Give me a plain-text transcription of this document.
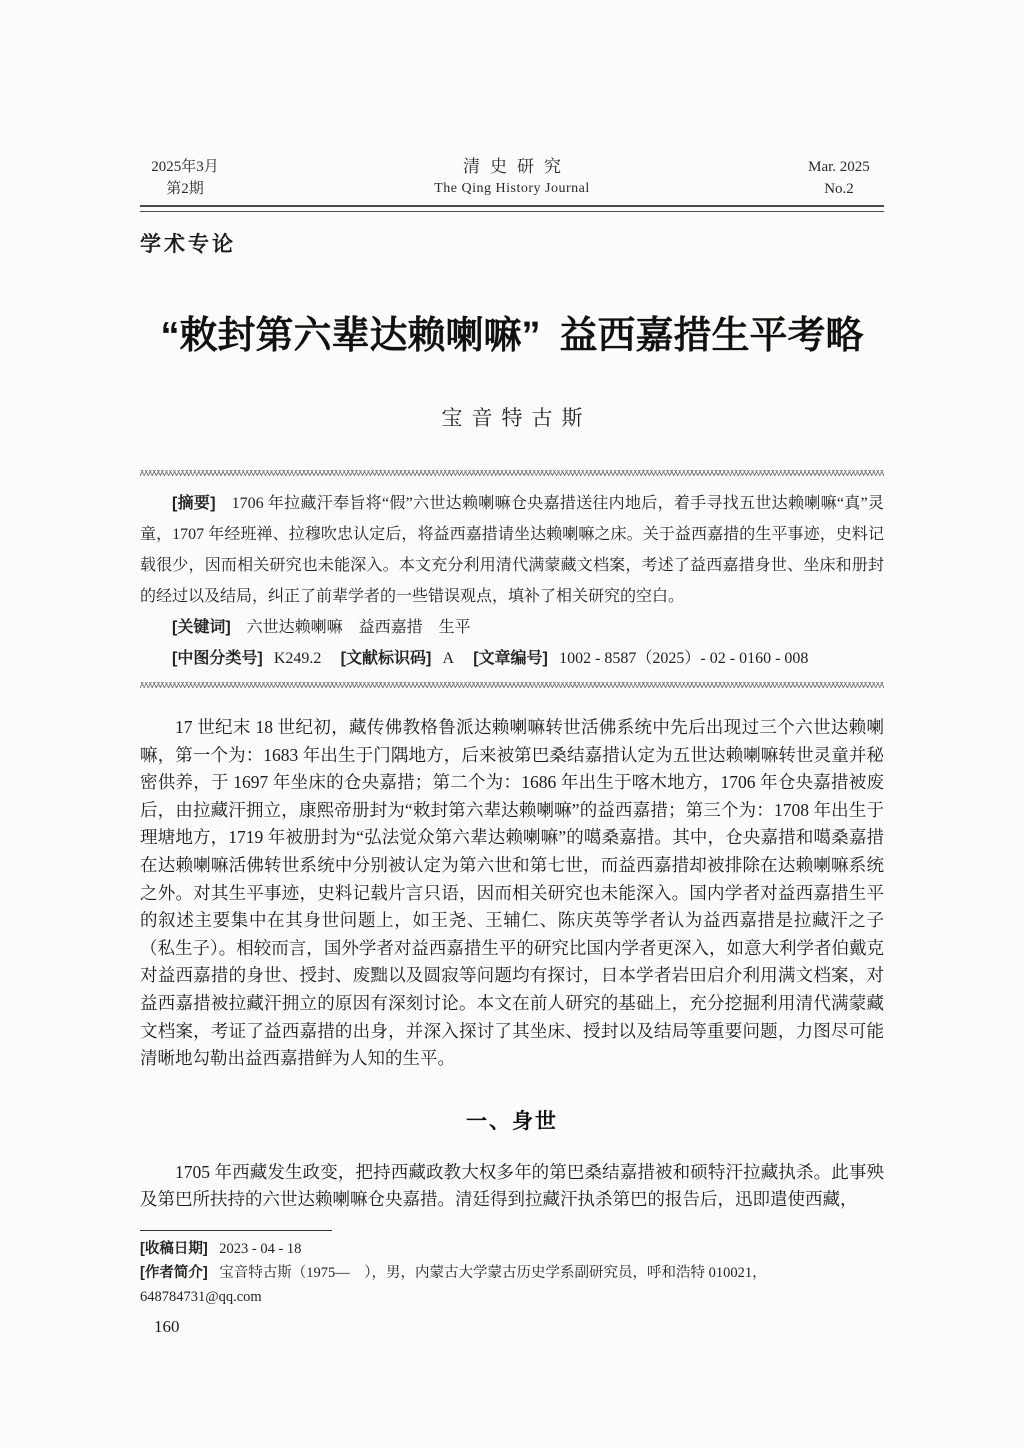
2025年3月
第2期
清史研究
The Qing History Journal
Mar. 2025
No.2
学术专论
“敕封第六辈达赖喇嘛” 益西嘉措生平考略
宝音特古斯

[摘要] 1706 年拉藏汗奉旨将“假”六世达赖喇嘛仓央嘉措送往内地后，着手寻找五世达赖喇嘛“真”灵童，1707 年经班禅、拉穆吹忠认定后，将益西嘉措请坐达赖喇嘛之床。关于益西嘉措的生平事迹，史料记载很少，因而相关研究也未能深入。本文充分利用清代满蒙藏文档案，考述了益西嘉措身世、坐床和册封的经过以及结局，纠正了前辈学者的一些错误观点，填补了相关研究的空白。

[关键词] 六世达赖喇嘛　益西嘉措　生平

[中图分类号] K249.2 [文献标识码] A [文章编号] 1002 - 8587（2025）- 02 - 0160 - 008

17 世纪末 18 世纪初，藏传佛教格鲁派达赖喇嘛转世活佛系统中先后出现过三个六世达赖喇嘛，第一个为：1683 年出生于门隅地方，后来被第巴桑结嘉措认定为五世达赖喇嘛转世灵童并秘密供养，于 1697 年坐床的仓央嘉措；第二个为：1686 年出生于喀木地方，1706 年仓央嘉措被废后，由拉藏汗拥立，康熙帝册封为“敕封第六辈达赖喇嘛”的益西嘉措；第三个为：1708 年出生于理塘地方，1719 年被册封为“弘法觉众第六辈达赖喇嘛”的噶桑嘉措。其中，仓央嘉措和噶桑嘉措在达赖喇嘛活佛转世系统中分别被认定为第六世和第七世，而益西嘉措却被排除在达赖喇嘛系统之外。对其生平事迹，史料记载片言只语，因而相关研究也未能深入。国内学者对益西嘉措生平的叙述主要集中在其身世问题上，如王尧、王辅仁、陈庆英等学者认为益西嘉措是拉藏汗之子（私生子）。相较而言，国外学者对益西嘉措生平的研究比国内学者更深入，如意大利学者伯戴克对益西嘉措的身世、授封、废黜以及圆寂等问题均有探讨，日本学者岩田启介利用满文档案，对益西嘉措被拉藏汗拥立的原因有深刻讨论。本文在前人研究的基础上，充分挖掘利用清代满蒙藏文档案，考证了益西嘉措的出身，并深入探讨了其坐床、授封以及结局等重要问题，力图尽可能清晰地勾勒出益西嘉措鲜为人知的生平。

一、身世

1705 年西藏发生政变，把持西藏政教大权多年的第巴桑结嘉措被和硕特汗拉藏执杀。此事殃及第巴所扶持的六世达赖喇嘛仓央嘉措。清廷得到拉藏汗执杀第巴的报告后，迅即遣使西藏，

[收稿日期] 2023 - 04 - 18

[作者简介] 宝音特古斯（1975—　），男，内蒙古大学蒙古历史学系副研究员，呼和浩特 010021，648784731@qq.com

160
